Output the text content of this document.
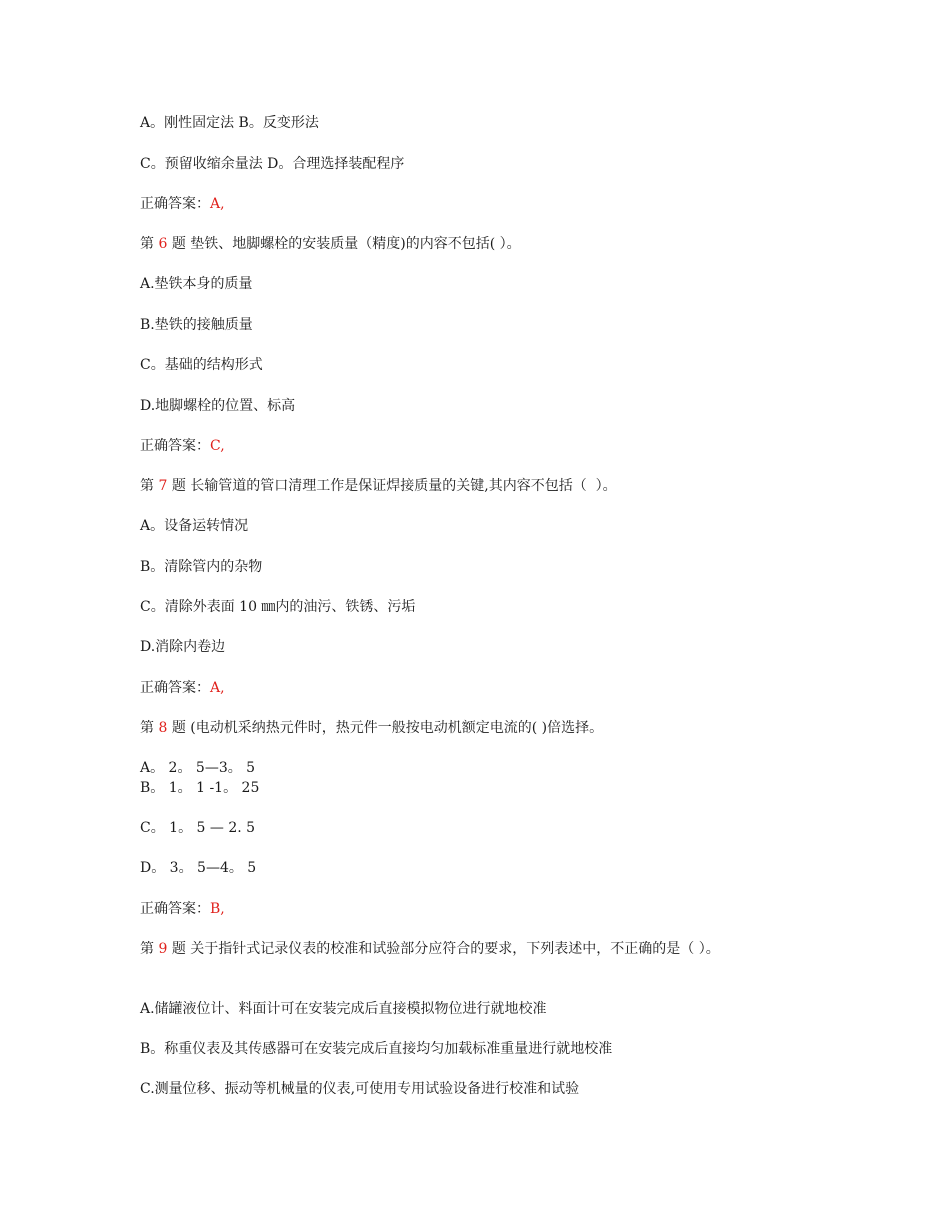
A。刚性固定法 B。反变形法
C。预留收缩余量法 D。合理选择装配程序
正确答案：A,
第 6 题 垫铁、地脚螺栓的安装质量（精度)的内容不包括( ）。
A.垫铁本身的质量
B.垫铁的接触质量
C。基础的结构形式
D.地脚螺栓的位置、标高
正确答案：C,
第 7 题 长输管道的管口清理工作是保证焊接质量的关键,其内容不包括（  ）。
A。设备运转情况
B。清除管内的杂物
C。清除外表面 10 ㎜内的油污、铁锈、污垢
D.消除内卷边
正确答案：A,
第 8 题 (电动机采纳热元件时，热元件一般按电动机额定电流的( )倍选择。
A。 2。 5—3。 5
B。 1。 1 -1。 25
C。 1。 5 — 2. 5
D。 3。 5—4。 5
正确答案：B,
第 9 题 关于指针式记录仪表的校准和试验部分应符合的要求，下列表述中，不正确的是（ ）。
A.储罐液位计、料面计可在安装完成后直接模拟物位进行就地校准
B。称重仪表及其传感器可在安装完成后直接均匀加载标准重量进行就地校准
C.测量位移、振动等机械量的仪表,可使用专用试验设备进行校准和试验
